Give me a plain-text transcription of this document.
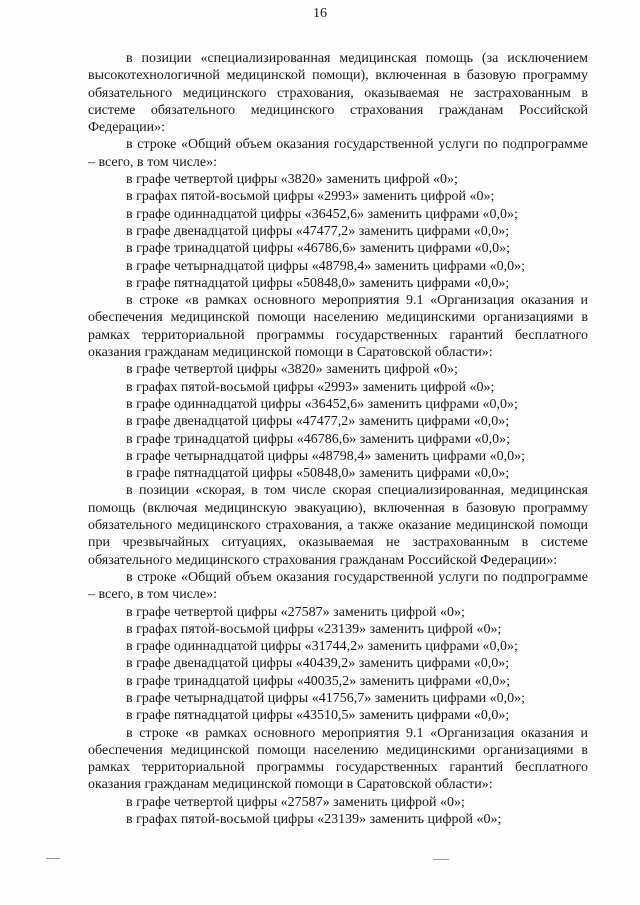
16

в позиции «специализированная медицинская помощь (за исключением высокотехнологичной медицинской помощи), включенная в базовую программу обязательного медицинского страхования, оказываемая не застрахованным в системе обязательного медицинского страхования гражданам Российской Федерации»:

в строке «Общий объем оказания государственной услуги по подпрограмме – всего, в том числе»:

в графе четвертой цифры «3820» заменить цифрой «0»;

в графах пятой-восьмой цифры «2993» заменить цифрой «0»;

в графе одиннадцатой цифры «36452,6» заменить цифрами «0,0»;

в графе двенадцатой цифры «47477,2» заменить цифрами «0,0»;

в графе тринадцатой цифры «46786,6» заменить цифрами «0,0»;

в графе четырнадцатой цифры «48798,4» заменить цифрами «0,0»;

в графе пятнадцатой цифры «50848,0» заменить цифрами «0,0»;

в строке «в рамках основного мероприятия 9.1 «Организация оказания и обеспечения медицинской помощи населению медицинскими организациями в рамках территориальной программы государственных гарантий бесплатного оказания гражданам медицинской помощи в Саратовской области»:

в графе четвертой цифры «3820» заменить цифрой «0»;

в графах пятой-восьмой цифры «2993» заменить цифрой «0»;

в графе одиннадцатой цифры «36452,6» заменить цифрами «0,0»;

в графе двенадцатой цифры «47477,2» заменить цифрами «0,0»;

в графе тринадцатой цифры «46786,6» заменить цифрами «0,0»;

в графе четырнадцатой цифры «48798,4» заменить цифрами «0,0»;

в графе пятнадцатой цифры «50848,0» заменить цифрами «0,0»;

в позиции «скорая, в том числе скорая специализированная, медицинская помощь (включая медицинскую эвакуацию), включенная в базовую программу обязательного медицинского страхования, а также оказание медицинской помощи при чрезвычайных ситуациях, оказываемая не застрахованным в системе обязательного медицинского страхования гражданам Российской Федерации»:

в строке «Общий объем оказания государственной услуги по подпрограмме – всего, в том числе»:

в графе четвертой цифры «27587» заменить цифрой «0»;

в графах пятой-восьмой цифры «23139» заменить цифрой «0»;

в графе одиннадцатой цифры «31744,2» заменить цифрами «0,0»;

в графе двенадцатой цифры «40439,2» заменить цифрами «0,0»;

в графе тринадцатой цифры «40035,2» заменить цифрами «0,0»;

в графе четырнадцатой цифры «41756,7» заменить цифрами «0,0»;

в графе пятнадцатой цифры «43510,5» заменить цифрами «0,0»;

в строке «в рамках основного мероприятия 9.1 «Организация оказания и обеспечения медицинской помощи населению медицинскими организациями в рамках территориальной программы государственных гарантий бесплатного оказания гражданам медицинской помощи в Саратовской области»:

в графе четвертой цифры «27587» заменить цифрой «0»;

в графах пятой-восьмой цифры «23139» заменить цифрой «0»;
